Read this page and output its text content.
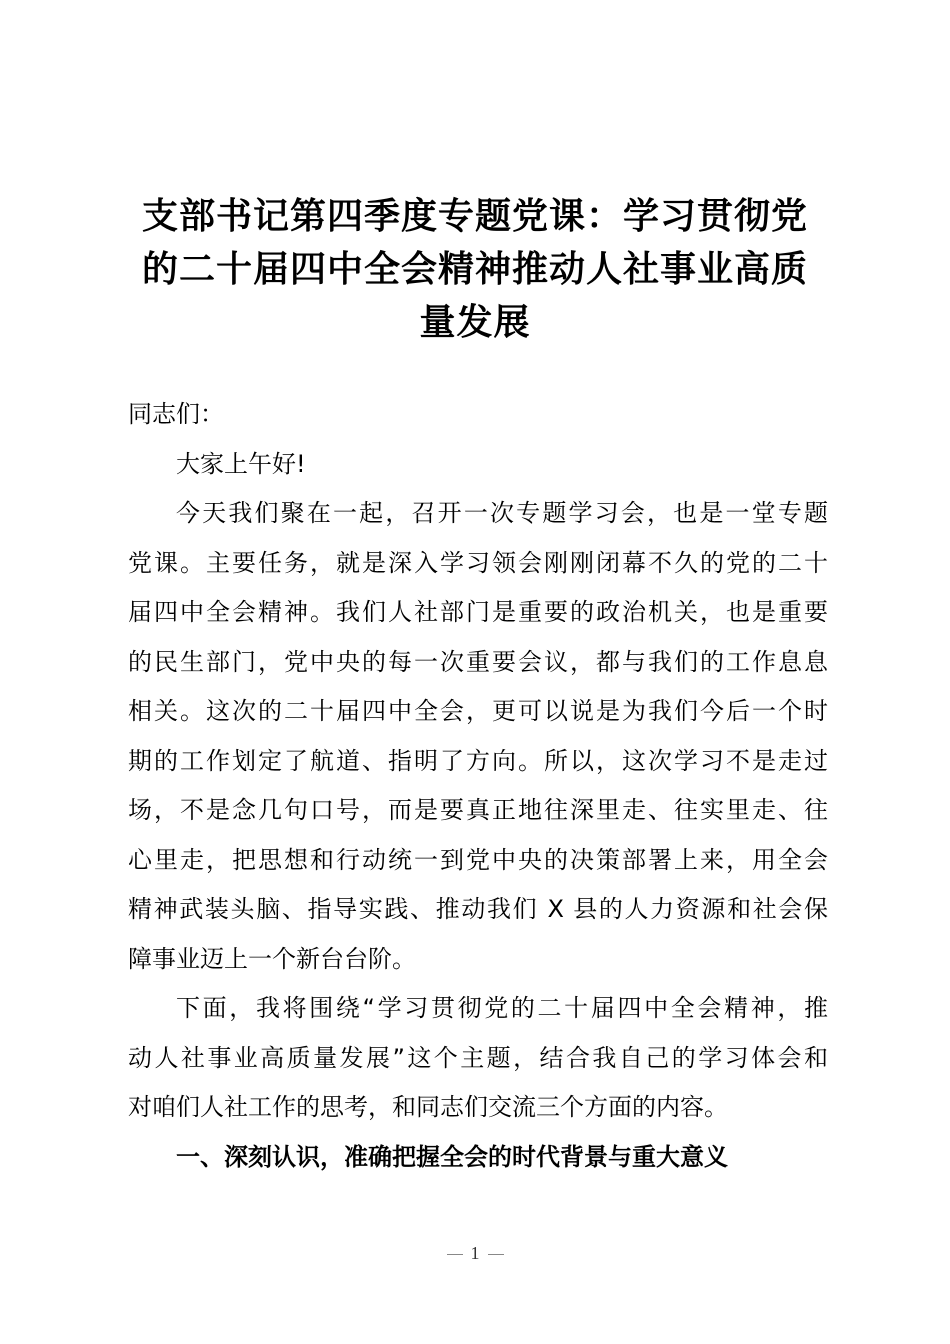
支部书记第四季度专题党课：学习贯彻党
的二十届四中全会精神推动人社事业高质
量发展
同志们：
大家上午好!
今天我们聚在一起，召开一次专题学习会，也是一堂专题
党课。主要任务，就是深入学习领会刚刚闭幕不久的党的二十
届四中全会精神。我们人社部门是重要的政治机关，也是重要
的民生部门，党中央的每一次重要会议，都与我们的工作息息
相关。这次的二十届四中全会，更可以说是为我们今后一个时
期的工作划定了航道、指明了方向。所以，这次学习不是走过
场，不是念几句口号，而是要真正地往深里走、往实里走、往
心里走，把思想和行动统一到党中央的决策部署上来，用全会
精神武装头脑、指导实践、推动我们 X 县的人力资源和社会保
障事业迈上一个新台台阶。
下面，我将围绕“学习贯彻党的二十届四中全会精神，推
动人社事业高质量发展”这个主题，结合我自己的学习体会和
对咱们人社工作的思考，和同志们交流三个方面的内容。
一、深刻认识，准确把握全会的时代背景与重大意义
1
